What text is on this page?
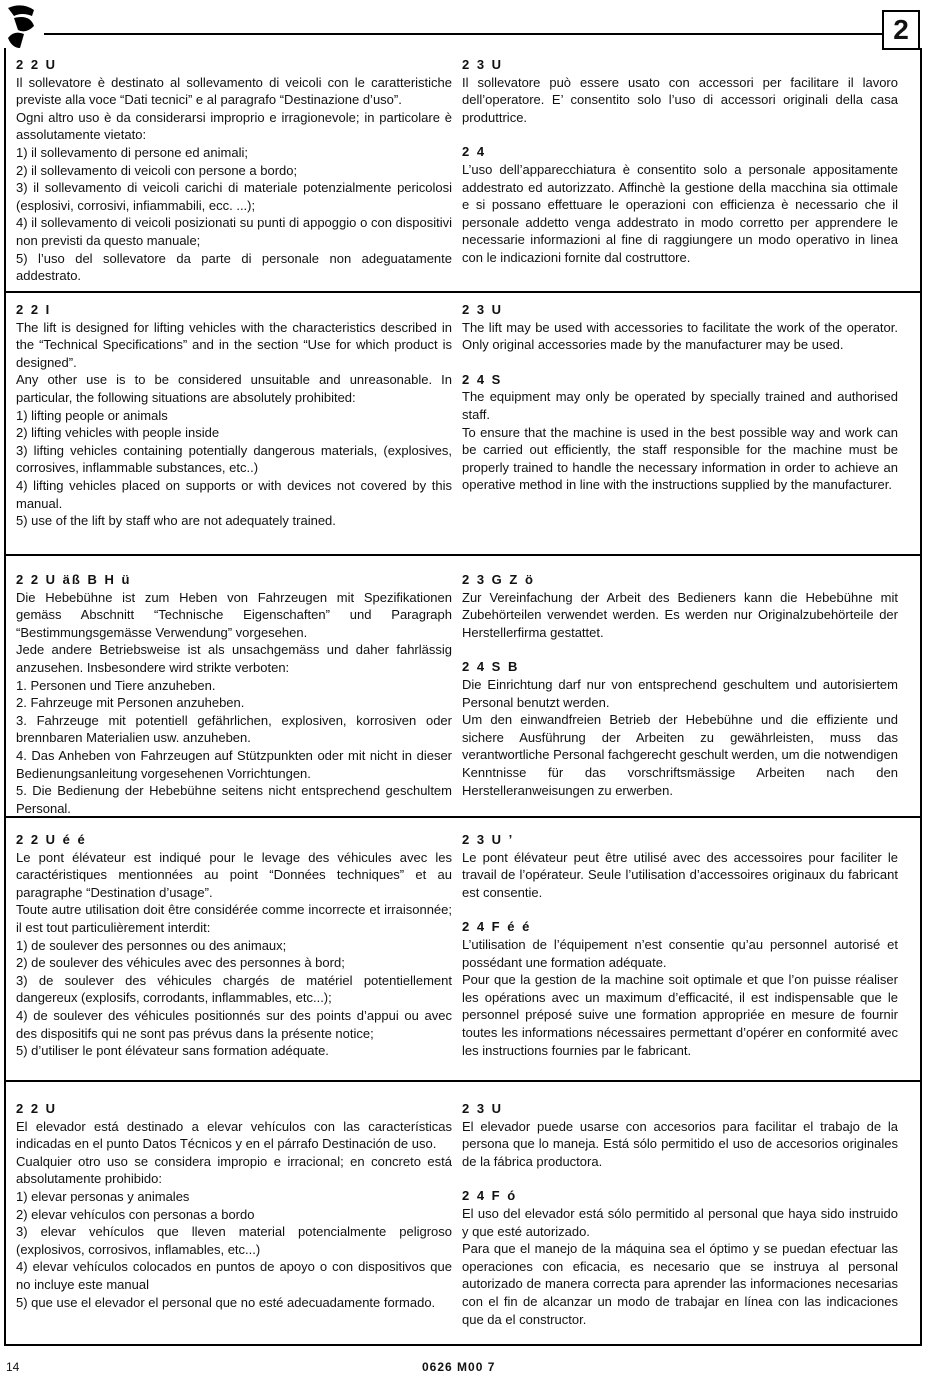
2

2 2 U

Il sollevatore è destinato al sollevamento di veicoli con le caratteristiche previste alla voce “Dati tecnici” e al paragrafo “Destinazione d’uso”.

Ogni altro uso è da considerarsi improprio e irragionevole; in particolare è assolutamente vietato:

1) il sollevamento di persone ed animali;

2) il sollevamento di veicoli con persone a bordo;

3) il sollevamento di veicoli carichi di materiale potenzialmente pericolosi (esplosivi, corrosivi, infiammabili, ecc. ...);

4) il sollevamento di veicoli posizionati su punti di appoggio o con dispositivi non previsti da questo manuale;

5) l’uso del sollevatore da parte di personale non adeguatamente addestrato.

2 3 U

Il sollevatore può essere usato con accessori per facilitare il lavoro dell’operatore. E’ consentito solo l’uso di accessori originali della casa produttrice.

2 4

L’uso dell’apparecchiatura è consentito solo a personale appositamente addestrato ed autorizzato. Affinchè la gestione della macchina sia ottimale e si possano effettuare le operazioni con efficienza è necessario che il personale addetto venga addestrato in modo corretto per apprendere le necessarie informazioni al fine di raggiungere un modo operativo in linea con le indicazioni fornite dal costruttore.

2 2 I

The lift is designed for lifting vehicles with the characteristics described in the “Technical Specifications” and in the section “Use for which product is designed”.

Any other use is to be considered unsuitable and unreasonable. In particular, the following situations are absolutely prohibited:

1) lifting people or animals

2) lifting vehicles with people inside

3) lifting vehicles containing potentially dangerous materials, (explosives, corrosives, inflammable substances, etc..)

4) lifting vehicles placed on supports or with devices not covered by this manual.

5) use of the lift by staff who are not adequately trained.

2 3 U

The lift may be used with accessories to facilitate the work of the operator. Only original accessories made by the manufacturer may be used.

2 4 S

The equipment may only be operated by specially trained and authorised staff.

To ensure that the machine is used in the best possible way and work can be carried out efficiently, the staff responsible for the machine must be properly trained to handle the necessary information in order to achieve an operative method in line with the instructions supplied by the manufacturer.

2 2 U äß B H ü

Die Hebebühne ist zum Heben von Fahrzeugen mit Spezifikationen gemäss Abschnitt “Technische Eigenschaften” und Paragraph “Bestimmungsgemässe Verwendung” vorgesehen.

Jede andere Betriebsweise ist als unsachgemäss und daher fahrlässig anzusehen. Insbesondere wird strikte verboten:

1. Personen und Tiere anzuheben.

2. Fahrzeuge mit Personen anzuheben.

3. Fahrzeuge mit potentiell gefährlichen, explosiven, korrosiven oder brennbaren Materialien usw. anzuheben.

4. Das Anheben von Fahrzeugen auf Stützpunkten oder mit nicht in dieser Bedienungsanleitung vorgesehenen Vorrichtungen.

5. Die Bedienung der Hebebühne seitens nicht entsprechend geschultem Personal.

2 3 G Z ö

Zur Vereinfachung der Arbeit des Bedieners kann die Hebebühne mit Zubehörteilen verwendet werden. Es werden nur Originalzubehörteile der Herstellerfirma gestattet.

2 4 S B

Die Einrichtung darf nur von entsprechend geschultem und autorisiertem Personal benutzt werden.

Um den einwandfreien Betrieb der Hebebühne und die effiziente und sichere Ausführung der Arbeiten zu gewährleisten, muss das verantwortliche Personal fachgerecht geschult werden, um die notwendigen Kenntnisse für das vorschriftsmässige Arbeiten nach den Herstelleranweisungen zu erwerben.

2 2 U é é

Le pont élévateur est indiqué pour le levage des véhicules avec les caractéristiques mentionnées au point “Données techniques” et au paragraphe “Destination d’usage”.

Toute autre utilisation doit être considérée comme incorrecte et irraisonnée; il est tout particulièrement interdit:

1) de soulever des personnes ou des animaux;

2) de soulever des véhicules avec des personnes à bord;

3) de soulever des véhicules chargés de matériel potentiellement dangereux (explosifs, corrodants, inflammables, etc...);

4) de soulever des véhicules positionnés sur des points d’appui ou avec des dispositifs qui ne sont pas prévus dans la présente notice;

5) d’utiliser le pont élévateur sans formation adéquate.

2 3 U ’

Le pont élévateur peut être utilisé avec des accessoires pour faciliter le travail de l’opérateur. Seule l’utilisation d’accessoires originaux du fabricant est consentie.

2 4 F é é

L’utilisation de l’équipement n’est consentie qu’au personnel autorisé et possédant une formation adéquate.

Pour que la gestion de la machine soit optimale et que l’on puisse réaliser les opérations avec un maximum d’efficacité, il est indispensable que le personnel préposé suive une formation appropriée en mesure de fournir toutes les informations nécessaires permettant d’opérer en conformité avec les instructions fournies par le fabricant.

2 2 U

El elevador está destinado a elevar vehículos con las características indicadas en el punto Datos Técnicos y en el párrafo Destinación de uso.

Cualquier otro uso se considera impropio e irracional; en concreto está absolutamente prohibido:

1) elevar personas y animales

2) elevar vehículos con personas a bordo

3) elevar vehículos que lleven material potencialmente peligroso (explosivos, corrosivos, inflamables, etc...)

4) elevar vehículos colocados en puntos de apoyo o con dispositivos que no incluye este manual

5) que use el elevador el personal que no esté adecuadamente formado.

2 3 U

El elevador puede usarse con accesorios para facilitar el trabajo de la persona que lo maneja. Está sólo permitido el uso de accesorios originales de la fábrica productora.

2 4 F ó

El uso del elevador está sólo permitido al personal que haya sido instruido y que esté autorizado.

Para que el manejo de la máquina sea el óptimo y se puedan efectuar las operaciones con eficacia, es necesario que se instruya al personal autorizado de manera correcta para aprender las informaciones necesarias con el fin de alcanzar un modo de trabajar en línea con las indicaciones que da el constructor.

14	0626 M00 7
